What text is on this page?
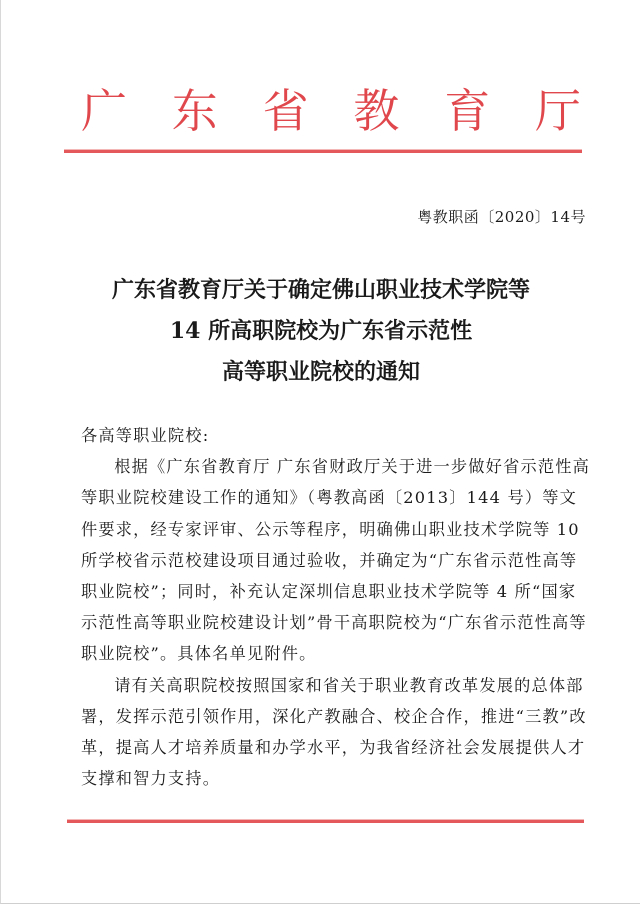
广 东 省 教 育 厅
粤教职函〔2020〕14号
广东省教育厅关于确定佛山职业技术学院等
14 所高职院校为广东省示范性
高等职业院校的通知

各高等职业院校:

根据《广东省教育厅 广东省财政厅关于进一步做好省示范性高等职业院校建设工作的通知》（粤教高函〔2013〕144 号）等文件要求，经专家评审、公示等程序，明确佛山职业技术学院等 10 所学校省示范校建设项目通过验收，并确定为“广东省示范性高等职业院校”；同时，补充认定深圳信息职业技术学院等 4 所“国家示范性高等职业院校建设计划”骨干高职院校为“广东省示范性高等职业院校”。具体名单见附件。

请有关高职院校按照国家和省关于职业教育改革发展的总体部署，发挥示范引领作用，深化产教融合、校企合作，推进“三教”改革，提高人才培养质量和办学水平，为我省经济社会发展提供人才支撑和智力支持。
